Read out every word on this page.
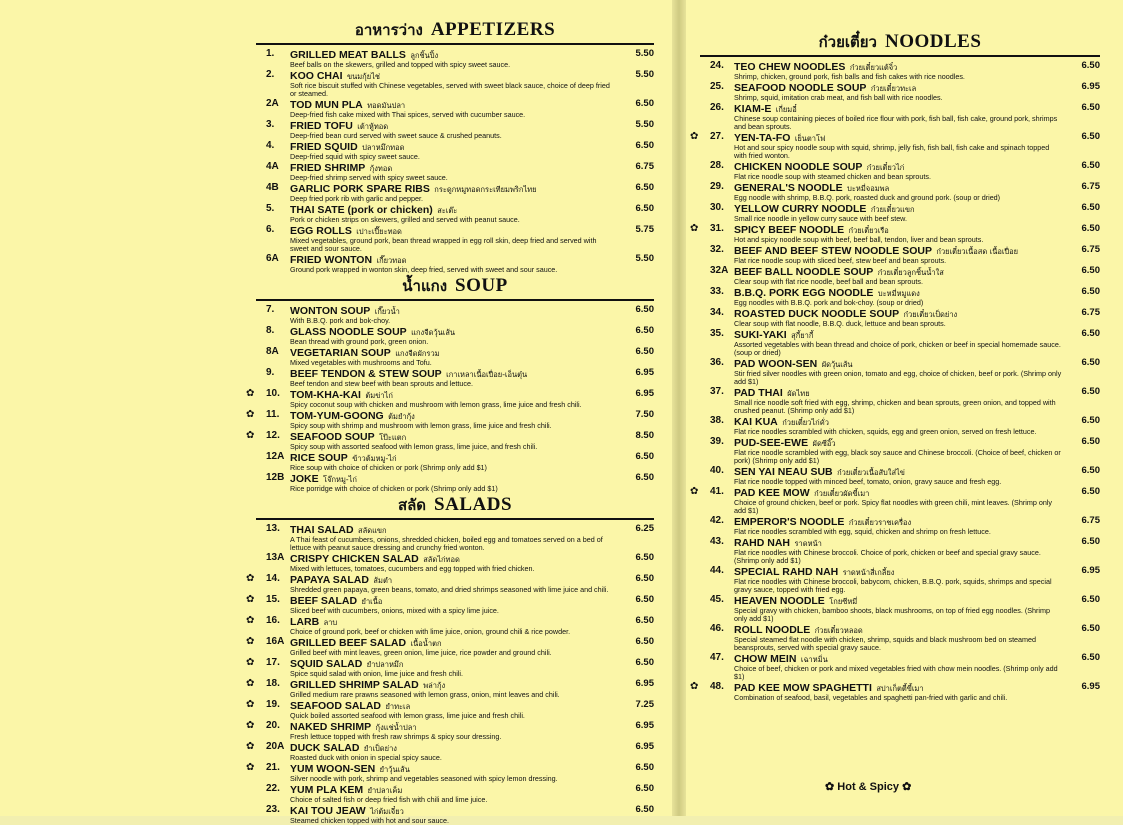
อาหารว่าง APPETIZERS
1.	GRILLED MEAT BALLS ลูกชิ้นปิ้ง
Beef balls on the skewers, grilled and topped with spicy sweet sauce.
5.50
2.	KOO CHAI ขนมกุ้ยไช่
Soft rice biscuit stuffed with Chinese vegetables, served with sweet black sauce, choice of deep fried or steamed.
5.50
2A	TOD MUN PLA ทอดมันปลา
Deep-fried fish cake mixed with Thai spices, served with cucumber sauce.
6.50
3.	FRIED TOFU เต้าหู้ทอด
Deep-fried bean curd served with sweet sauce & crushed peanuts.
5.50
4.	FRIED SQUID ปลาหมึกทอด
Deep-fried squid with spicy sweet sauce.
6.50
4A	FRIED SHRIMP กุ้งทอด
Deep-fried shrimp served with spicy sweet sauce.
6.75
4B	GARLIC PORK SPARE RIBS กระดูกหมูทอดกระเทียมพริกไทย
Deep fried pork rib with garlic and pepper.
6.50
5.	THAI SATE (pork or chicken) สะเต๊ะ
Pork or chicken strips on skewers, grilled and served with peanut sauce.
6.50
6.	EGG ROLLS เปาะเปี๊ยะทอด
Mixed vegetables, ground pork, bean thread wrapped in egg roll skin, deep fried and served with sweet and sour sauce.
5.75
6A	FRIED WONTON เกี๊ยวทอด
Ground pork wrapped in wonton skin, deep fried, served with sweet and sour sauce.
5.50
น้ำแกง SOUP
7.	WONTON SOUP เกี๊ยวน้ำ
With B.B.Q. pork and bok-choy.
6.50
8.	GLASS NOODLE SOUP แกงจืดวุ้นเส้น
Bean thread with ground pork, green onion.
6.50
8A	VEGETARIAN SOUP แกงจืดผักรวม
Mixed vegetables with mushrooms and Tofu.
6.50
9.	BEEF TENDON & STEW SOUP เกาเหลาเนื้อเปื่อย-เอ็นตุ๋น
Beef tendon and stew beef with bean sprouts and lettuce.
6.95
✿ 10. TOM-KHA-KAI ต้มข่าไก่
Spicy coconut soup with chicken and mushroom with lemon grass, lime juice and fresh chili.
6.95
✿ 11.	TOM-YUM-GOONG ต้มยำกุ้ง
Spicy soup with shrimp and mushroom with lemon grass, lime juice and fresh chili.
7.50
✿ 12. SEAFOOD SOUP โป๊ะแตก
Spicy soup with assorted seafood with lemon grass, lime juice, and fresh chili.
8.50
12A RICE SOUP ข้าวต้มหมู-ไก่
Rice soup with choice of chicken or pork (Shrimp only add $1)
6.50
12B JOKE โจ๊กหมู-ไก่
Rice porridge with choice of chicken or pork (Shrimp only add $1)
6.50
สลัด SALADS
13. THAI SALAD สลัดแขก
A Thai feast of cucumbers, onions, shredded chicken, boiled egg and tomatoes served on a bed of lettuce with peanut sauce dressing and crunchy fried wonton.
6.25
13A CRISPY CHICKEN SALAD สลัดไก่ทอด
Mixed with lettuces, tomatoes, cucumbers and egg topped with fried chicken.
6.50
✿ 14. PAPAYA SALAD ส้มตำ
Shredded green papaya, green beans, tomato, and dried shrimps seasoned with lime juice and chili.
6.50
✿ 15. BEEF SALAD ยำเนื้อ
Sliced beef with cucumbers, onions, mixed with a spicy lime juice.
6.50
✿ 16. LARB ลาบ
Choice of ground pork, beef or chicken with lime juice, onion, ground chili & rice powder.
6.50
✿ 16A GRILLED BEEF SALAD เนื้อน้ำตก
Grilled beef with mint leaves, green onion, lime juice, rice powder and ground chili.
6.50
✿ 17. SQUID SALAD ยำปลาหมึก
Spice squid salad with onion, lime juice and fresh chili.
6.50
✿ 18. GRILLED SHRIMP SALAD พล่ากุ้ง
Grilled medium rare prawns seasoned with lemon grass, onion, mint leaves and chili.
6.95
✿ 19. SEAFOOD SALAD ยำทะเล
Quick boiled assorted seafood with lemon grass, lime juice and fresh chili.
7.25
✿ 20. NAKED SHRIMP กุ้งแช่น้ำปลา
Fresh lettuce topped with fresh raw shrimps & spicy sour dressing.
6.95
✿ 20A DUCK SALAD ยำเป็ดย่าง
Roasted duck with onion in special spicy sauce.
6.95
✿ 21. YUM WOON-SEN ยำวุ้นเส้น
Silver noodle with pork, shrimp and vegetables seasoned with spicy lemon dressing.
6.50
22. YUM PLA KEM ยำปลาเค็ม
Choice of salted fish or deep fried fish with chili and lime juice.
6.50
23. KAI TOU JEAW ไก่ต้มเจี๋ยว
Steamed chicken topped with hot and sour sauce.
6.50
ก๋วยเตี๋ยว NOODLES
24. TEO CHEW NOODLES ก๋วยเตี๋ยวแต้จิ๋ว
Shrimp, chicken, ground pork, fish balls and fish cakes with rice noodles.
6.50
25. SEAFOOD NOODLE SOUP ก๋วยเตี๋ยวทะเล
Shrimp, squid, imitation crab meat, and fish ball with rice noodles.
6.95
26. KIAM-E เกี่ยมอี๋
Chinese soup containing pieces of boiled rice flour with pork, fish ball, fish cake, ground pork, shrimps and bean sprouts.
6.50
✿ 27. YEN-TA-FO เย็นตาโฟ
Hot and sour spicy noodle soup with squid, shrimp, jelly fish, fish ball, fish cake and spinach topped with fried wonton.
6.50
28. CHICKEN NOODLE SOUP ก๋วยเตี๋ยวไก่
Flat rice noodle soup with steamed chicken and bean sprouts.
6.50
29. GENERAL'S NOODLE บะหมี่จอมพล
Egg noodle with shrimp, B.B.Q. pork, roasted duck and ground pork. (soup or dried)
6.75
30. YELLOW CURRY NOODLE ก๋วยเตี๋ยวแขก
Small rice noodle in yellow curry sauce with beef stew.
6.50
✿ 31. SPICY BEEF NOODLE ก๋วยเตี๋ยวเรือ
Hot and spicy noodle soup with beef, beef ball, tendon, liver and bean sprouts.
6.50
32. BEEF AND BEEF STEW NOODLE SOUP ก๋วยเตี๋ยวเนื้อสด เนื้อเปื่อย
Flat rice noodle soup with sliced beef, stew beef and bean sprouts.
6.75
32A BEEF BALL NOODLE SOUP ก๋วยเตี๋ยวลูกชิ้นน้ำใส
Clear soup with flat rice noodle, beef ball and bean sprouts.
6.50
33. B.B.Q. PORK EGG NOODLE บะหมี่หมูแดง
Egg noodles with B.B.Q. pork and bok-choy. (soup or dried)
6.50
34. ROASTED DUCK NOODLE SOUP ก๋วยเตี๋ยวเป็ดย่าง
Clear soup with flat noodle, B.B.Q. duck, lettuce and bean sprouts.
6.75
35. SUKI-YAKI สุกี้ยากี้
Assorted vegetables with bean thread and choice of pork, chicken or beef in special homemade sauce. (soup or dried)
6.50
36. PAD WOON-SEN ผัดวุ้นเส้น
Stir fried silver noodles with green onion, tomato and egg, choice of chicken, beef or pork. (Shrimp only add $1)
6.50
37. PAD THAI ผัดไทย
Small rice noodle soft fried with egg, shrimp, chicken and bean sprouts, green onion, and topped with crushed peanut. (Shrimp only add $1)
6.50
38. KAI KUA ก๋วยเตี๋ยวไก่คั่ว
Flat rice noodles scrambled with chicken, squids, egg and green onion, served on fresh lettuce.
6.50
39. PUD-SEE-EWE ผัดซีอิ๊ว
Flat rice noodle scrambled with egg, black soy sauce and Chinese broccoli. (Choice of beef, chicken or pork) (Shrimp only add $1)
6.50
40. SEN YAI NEAU SUB ก๋วยเตี๋ยวเนื้อสับใส่ไข่
Flat rice noodle topped with minced beef, tomato, onion, gravy sauce and fresh egg.
6.50
✿ 41. PAD KEE MOW ก๋วยเตี๋ยวผัดขี้เมา
Choice of ground chicken, beef or pork. Spicy flat noodles with green chili, mint leaves. (Shrimp only add $1)
6.50
42. EMPEROR'S NOODLE ก๋วยเตี๋ยวราชเครื่อง
Flat rice noodles scrambled with egg, squid, chicken and shrimp on fresh lettuce.
6.75
43. RAHD NAH ราดหน้า
Flat rice noodles with Chinese broccoli. Choice of pork, chicken or beef and special gravy sauce. (Shrimp only add $1)
6.50
44. SPECIAL RAHD NAH ราดหน้าสี่เกลี้ยง
Flat rice noodles with Chinese broccoli, babycom, chicken, B.B.Q. pork, squids, shrimps and special gravy sauce, topped with fried egg.
6.95
45. HEAVEN NOODLE โกยซีหมี่
Special gravy with chicken, bamboo shoots, black mushrooms, on top of fried egg noodles. (Shrimp only add $1)
6.50
46. ROLL NOODLE ก๋วยเตี๋ยวหลอด
Special steamed flat noodle with chicken, shrimp, squids and black mushroom bed on steamed beansprouts, served with special gravy sauce.
6.50
47. CHOW MEIN เฉาหมิ่น
Choice of beef, chicken or pork and mixed vegetables fried with chow mein noodles. (Shrimp only add $1)
6.50
✿ 48. PAD KEE MOW SPAGHETTI สปาเก็ตตี้ขี้เมา
Combination of seafood, basil, vegetables and spaghetti pan-fried with garlic and chili.
6.95
✿ Hot & Spicy ✿
